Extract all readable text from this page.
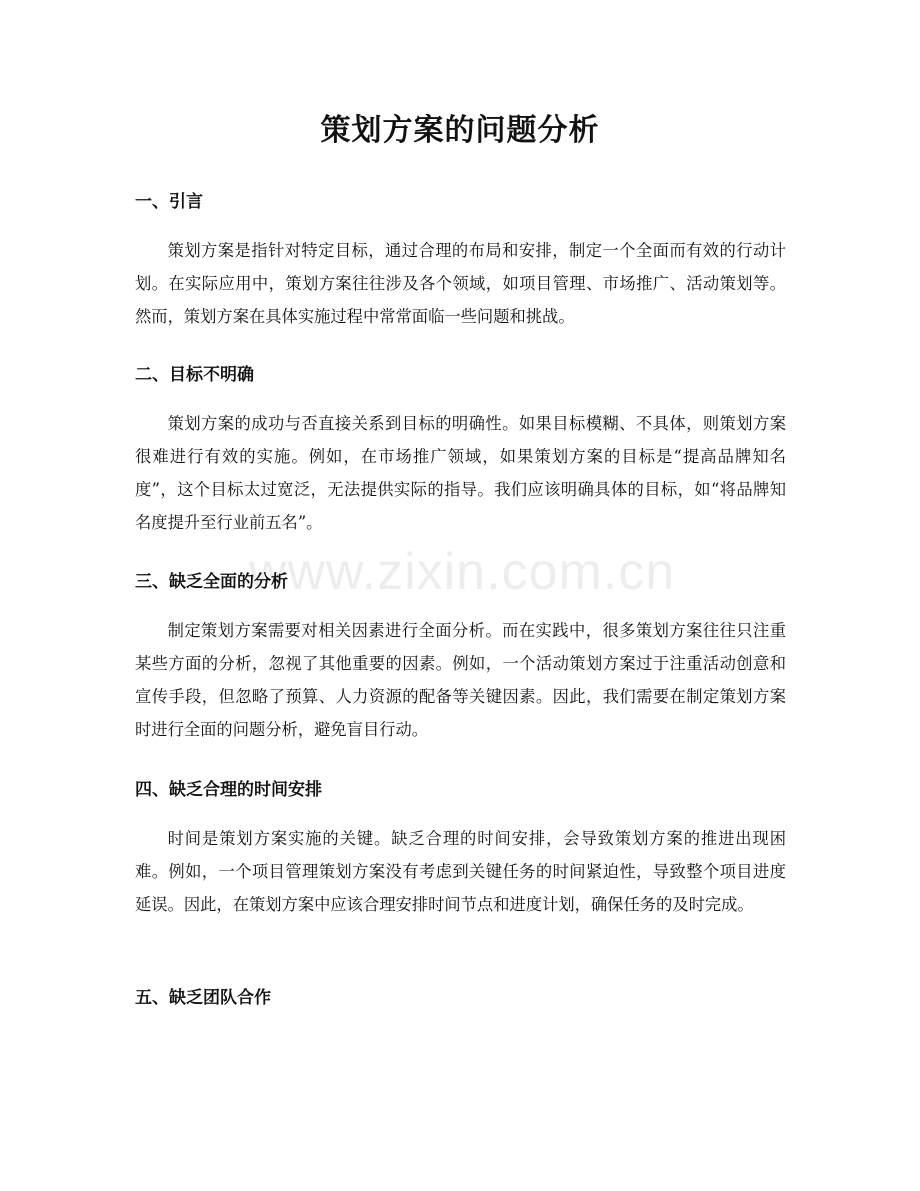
策划方案的问题分析
一、引言

策划方案是指针对特定目标，通过合理的布局和安排，制定一个全面而有效的行动计划。在实际应用中，策划方案往往涉及各个领域，如项目管理、市场推广、活动策划等。然而，策划方案在具体实施过程中常常面临一些问题和挑战。

二、目标不明确

策划方案的成功与否直接关系到目标的明确性。如果目标模糊、不具体，则策划方案很难进行有效的实施。例如，在市场推广领域，如果策划方案的目标是“提高品牌知名度”，这个目标太过宽泛，无法提供实际的指导。我们应该明确具体的目标，如“将品牌知名度提升至行业前五名”。

三、缺乏全面的分析

制定策划方案需要对相关因素进行全面分析。而在实践中，很多策划方案往往只注重某些方面的分析，忽视了其他重要的因素。例如，一个活动策划方案过于注重活动创意和宣传手段，但忽略了预算、人力资源的配备等关键因素。因此，我们需要在制定策划方案时进行全面的问题分析，避免盲目行动。

四、缺乏合理的时间安排

时间是策划方案实施的关键。缺乏合理的时间安排，会导致策划方案的推进出现困难。例如，一个项目管理策划方案没有考虑到关键任务的时间紧迫性，导致整个项目进度延误。因此，在策划方案中应该合理安排时间节点和进度计划，确保任务的及时完成。

五、缺乏团队合作
www.zixin.com.cn
